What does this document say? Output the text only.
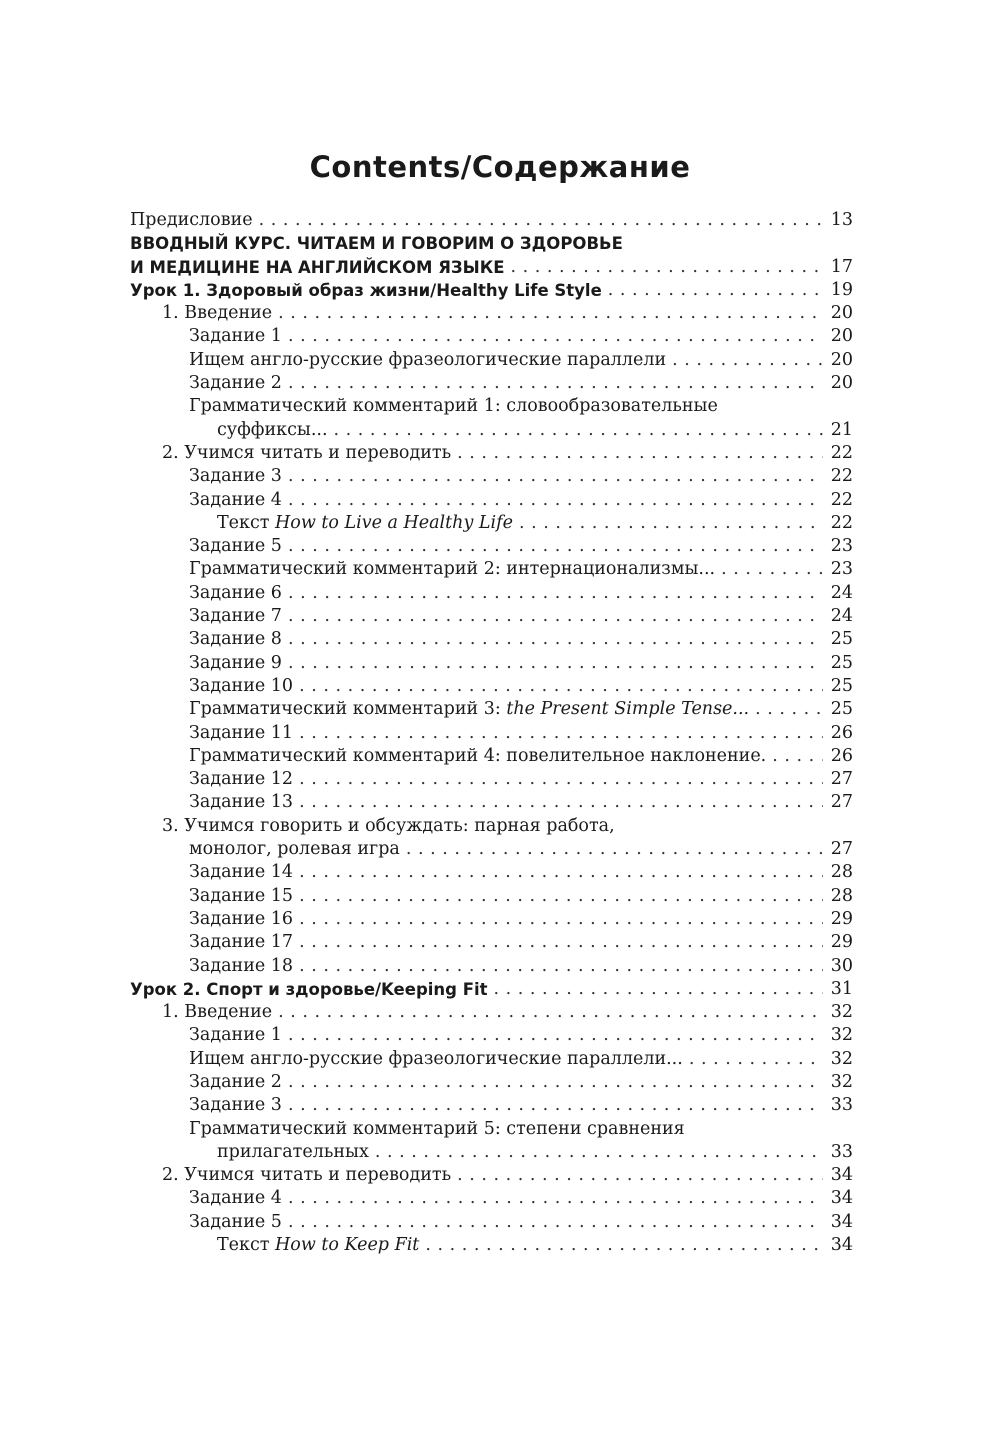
Contents/Содержание
Предисловие . . .	13
ВВОДНЫЙ КУРС. ЧИТАЕМ И ГОВОРИМ О ЗДОРОВЬЕ
И МЕДИЦИНЕ НА АНГЛИЙСКОМ ЯЗЫКЕ . . .	17
Урок 1. Здоровый образ жизни/Healthy Life Style . . .	19
1. Введение . . .	20
Задание 1 . . .	20
Ищем англо-русские фразеологические параллели . . .	20
Задание 2 . . .	20
Грамматический комментарий 1: словообразовательные
суффиксы... . . .	21
2. Учимся читать и переводить . . .	22
Задание 3 . . .	22
Задание 4 . . .	22
Текст How to Live a Healthy Life . . .	22
Задание 5 . . .	23
Грамматический комментарий 2: интернационализмы... . . .	23
Задание 6 . . .	24
Задание 7 . . .	24
Задание 8 . . .	25
Задание 9 . . .	25
Задание 10 . . .	25
Грамматический комментарий 3: the Present Simple Tense... . . .	25
Задание 11 . . .	26
Грамматический комментарий 4: повелительное наклонение. . . .	26
Задание 12 . . .	27
Задание 13 . . .	27
3. Учимся говорить и обсуждать: парная работа,
монолог, ролевая игра . . .	27
Задание 14 . . .	28
Задание 15 . . .	28
Задание 16 . . .	29
Задание 17 . . .	29
Задание 18 . . .	30
Урок 2. Спорт и здоровье/Keeping Fit . . .	31
1. Введение . . .	32
Задание 1 . . .	32
Ищем англо-русские фразеологические параллели... . . .	32
Задание 2 . . .	32
Задание 3 . . .	33
Грамматический комментарий 5: степени сравнения
прилагательных . . .	33
2. Учимся читать и переводить . . .	34
Задание 4 . . .	34
Задание 5 . . .	34
Текст How to Keep Fit . . .	34
